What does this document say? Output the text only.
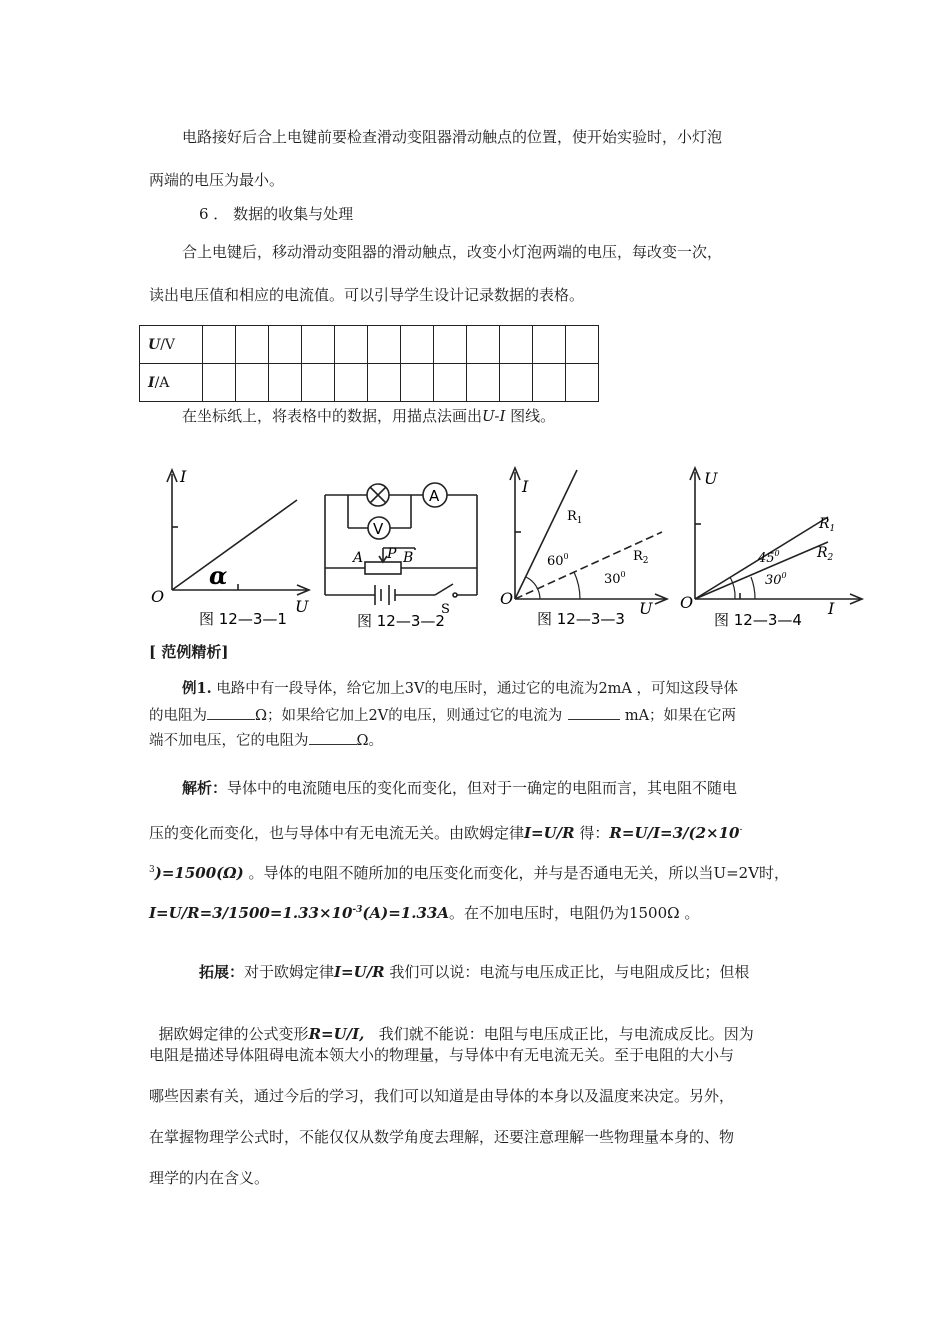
电路接好后合上电键前要检查滑动变阻器滑动触点的位置，使开始实验时，小灯泡
两端的电压为最小。
6 ． 数据的收集与处理
合上电键后，移动滑动变阻器的滑动触点，改变小灯泡两端的电压，每改变一次，
读出电压值和相应的电流值。可以引导学生设计记录数据的表格。
U/V												
I/A												
在坐标纸上，将表格中的数据，用描点法画出U-I 图线。
I
U
O
α
图 12—3—1
A
V
A P B
S
图 12—3—2
I
U
O
$R_1$
$R_2$
$60^0$
$30^0$
图 12—3—3
U
I
O
$R_1$
$R_2$
$45^0$
$30^0$
图 12—3—4
[ 范例精析]
例1. 电路中有一段导体，给它加上3V的电压时，通过它的电流为2mA ，可知这段导体
的电阻为	Ω；如果给它加上2V的电压，则通过它的电流为	mA；如果在它两
端不加电压，它的电阻为	Ω。
解析：导体中的电流随电压的变化而变化，但对于一确定的电阻而言，其电阻不随电
压的变化而变化，也与导体中有无电流无关。由欧姆定律I=U/R 得：R=U/I=3/(2×10-
$^3$)=1500(Ω) 。导体的电阻不随所加的电压变化而变化，并与是否通电无关，所以当U=2V时，
$I=U/R=3/1500=1.33\times 10^{-3}(A)=1.33A$。在不加电压时，电阻仍为1500Ω 。
拓展：对于欧姆定律I=U/R 我们可以说：电流与电压成正比，与电阻成反比；但根

据欧姆定律的公式变形R=U/I,   我们就不能说：电阻与电压成正比，与电流成反比。因为

电阻是描述导体阻碍电流本领大小的物理量，与导体中有无电流无关。至于电阻的大小与
哪些因素有关，通过今后的学习，我们可以知道是由导体的本身以及温度来决定。另外，
在掌握物理学公式时，不能仅仅从数学角度去理解，还要注意理解一些物理量本身的、物
理学的内在含义。
